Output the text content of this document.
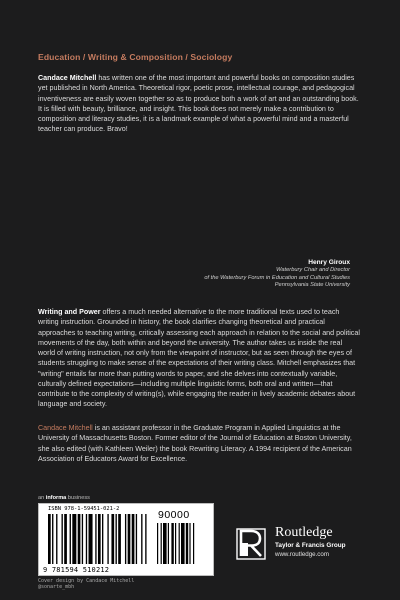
Education / Writing & Composition / Sociology

Candace Mitchell has written one of the most important and powerful books on composition studies yet published in North America. Theoretical rigor, poetic prose, intellectual courage, and pedagogical inventiveness are easily woven together so as to produce both a work of art and an outstanding book. It is filled with beauty, brilliance, and insight. This book does not merely make a contribution to composition and literacy studies, it is a landmark example of what a powerful mind and a masterful teacher can produce. Bravo!

Henry Giroux
Waterbury Chair and Director
of the Waterbury Forum in Education and Cultural Studies
Pennsylvania State University

Writing and Power offers a much needed alternative to the more traditional texts used to teach writing instruction. Grounded in history, the book clarifies changing theoretical and practical approaches to teaching writing, critically assessing each approach in relation to the social and political movements of the day, both within and beyond the university. The author takes us inside the real world of writing instruction, not only from the viewpoint of instructor, but as seen through the eyes of students struggling to make sense of the expectations of their writing class. Mitchell emphasizes that "writing" entails far more than putting words to paper, and she delves into contextually variable, culturally defined expectations—including multiple linguistic forms, both oral and written—that contribute to the complexity of writing(s), while engaging the reader in lively academic debates about language and society.

Candace Mitchell is an assistant professor in the Graduate Program in Applied Linguistics at the University of Massachusetts Boston. Former editor of the Journal of Education at Boston University, she also edited (with Kathleen Weiler) the book Rewriting Literacy. A 1994 recipient of the American Association of Educators Award for Excellence.

an informa business
ISBN 978-1-59451-021-2	90000
9 781594 510212
Cover design by Candace Mitchell
@sonarte_mbh
Routledge
Taylor & Francis Group
www.routledge.com
